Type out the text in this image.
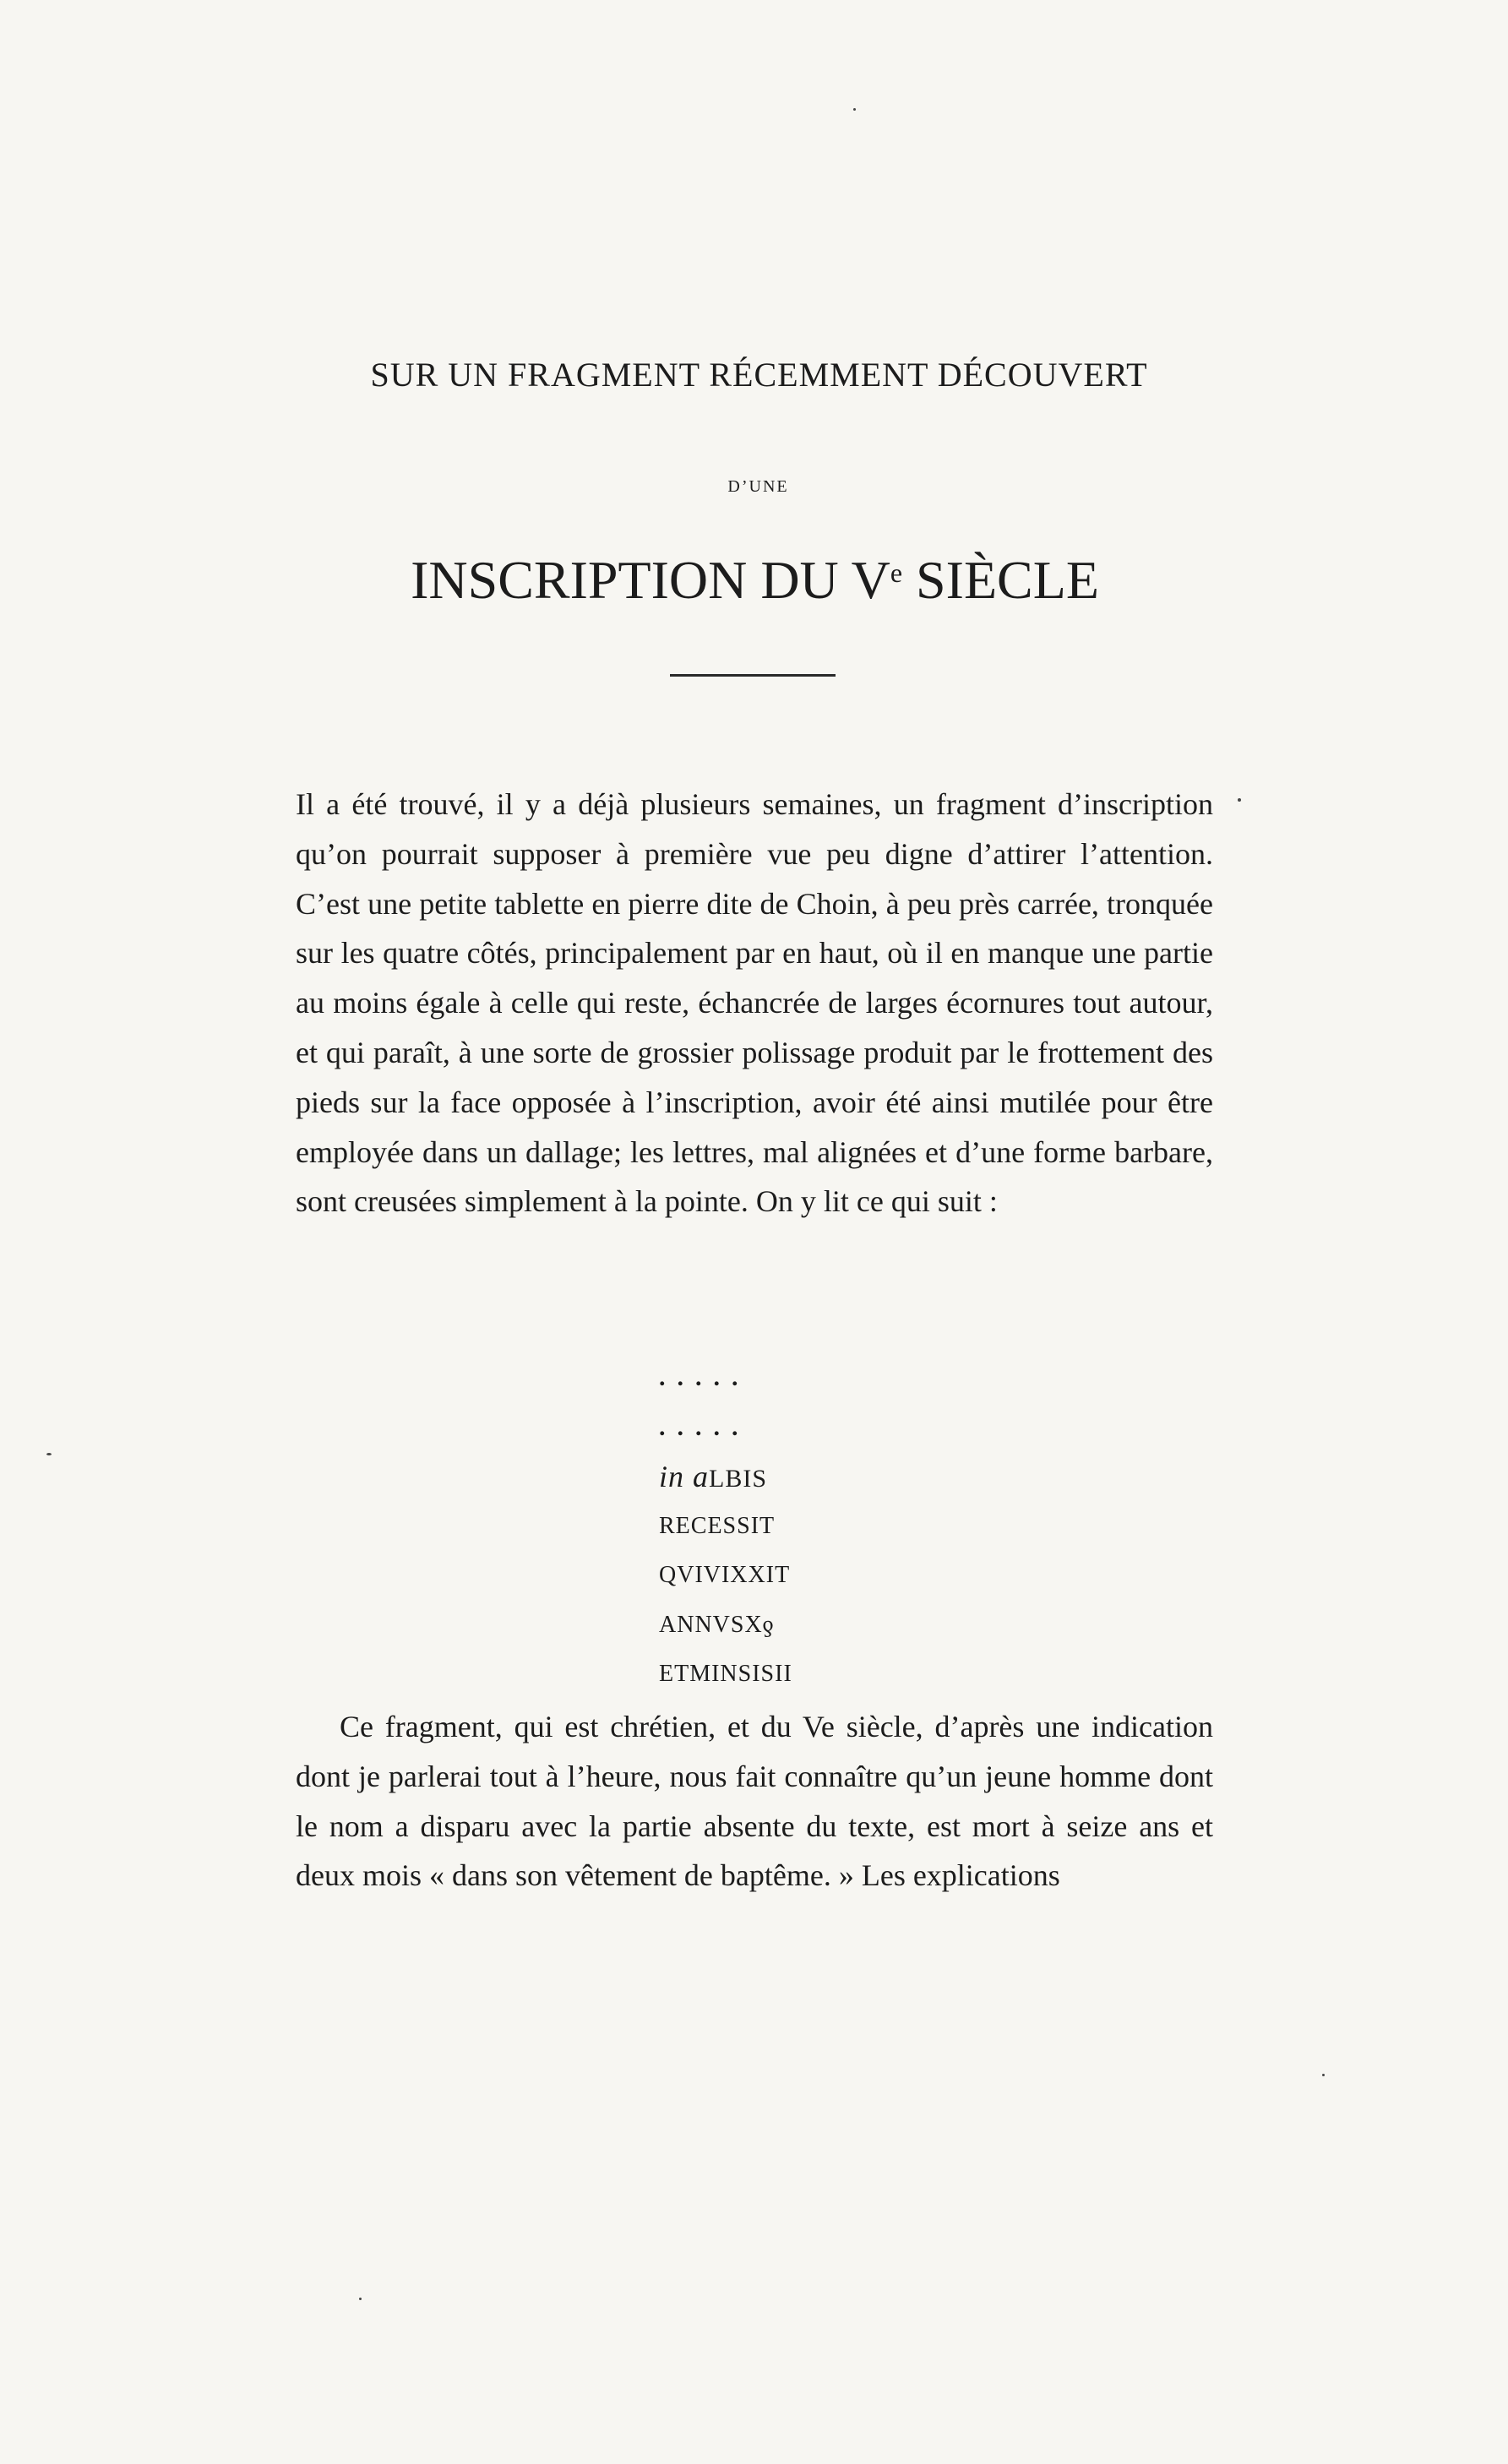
SUR UN FRAGMENT RÉCEMMENT DÉCOUVERT
D’UNE
INSCRIPTION DU Ve SIÈCLE
Il a été trouvé, il y a déjà plusieurs semaines, un fragment d’inscription qu’on pourrait supposer à première vue peu digne d’attirer l’attention. C’est une petite tablette en pierre dite de Choin, à peu près carrée, tronquée sur les quatre côtés, principalement par en haut, où il en manque une partie au moins égale à celle qui reste, échancrée de larges écornures tout autour, et qui paraît, à une sorte de grossier polissage produit par le frottement des pieds sur la face opposée à l’inscription, avoir été ainsi mutilée pour être employée dans un dallage; les lettres, mal alignées et d’une forme barbare, sont creusées simplement à la pointe. On y lit ce qui suit :
.....
.....
in aLBIS
RECESSIT
QVIVIXXIT
ANNVSXƍ
ETMINSISII
Ce fragment, qui est chrétien, et du Ve siècle, d’après une indication dont je parlerai tout à l’heure, nous fait connaître qu’un jeune homme dont le nom a disparu avec la partie absente du texte, est mort à seize ans et deux mois « dans son vêtement de baptême. » Les explications
